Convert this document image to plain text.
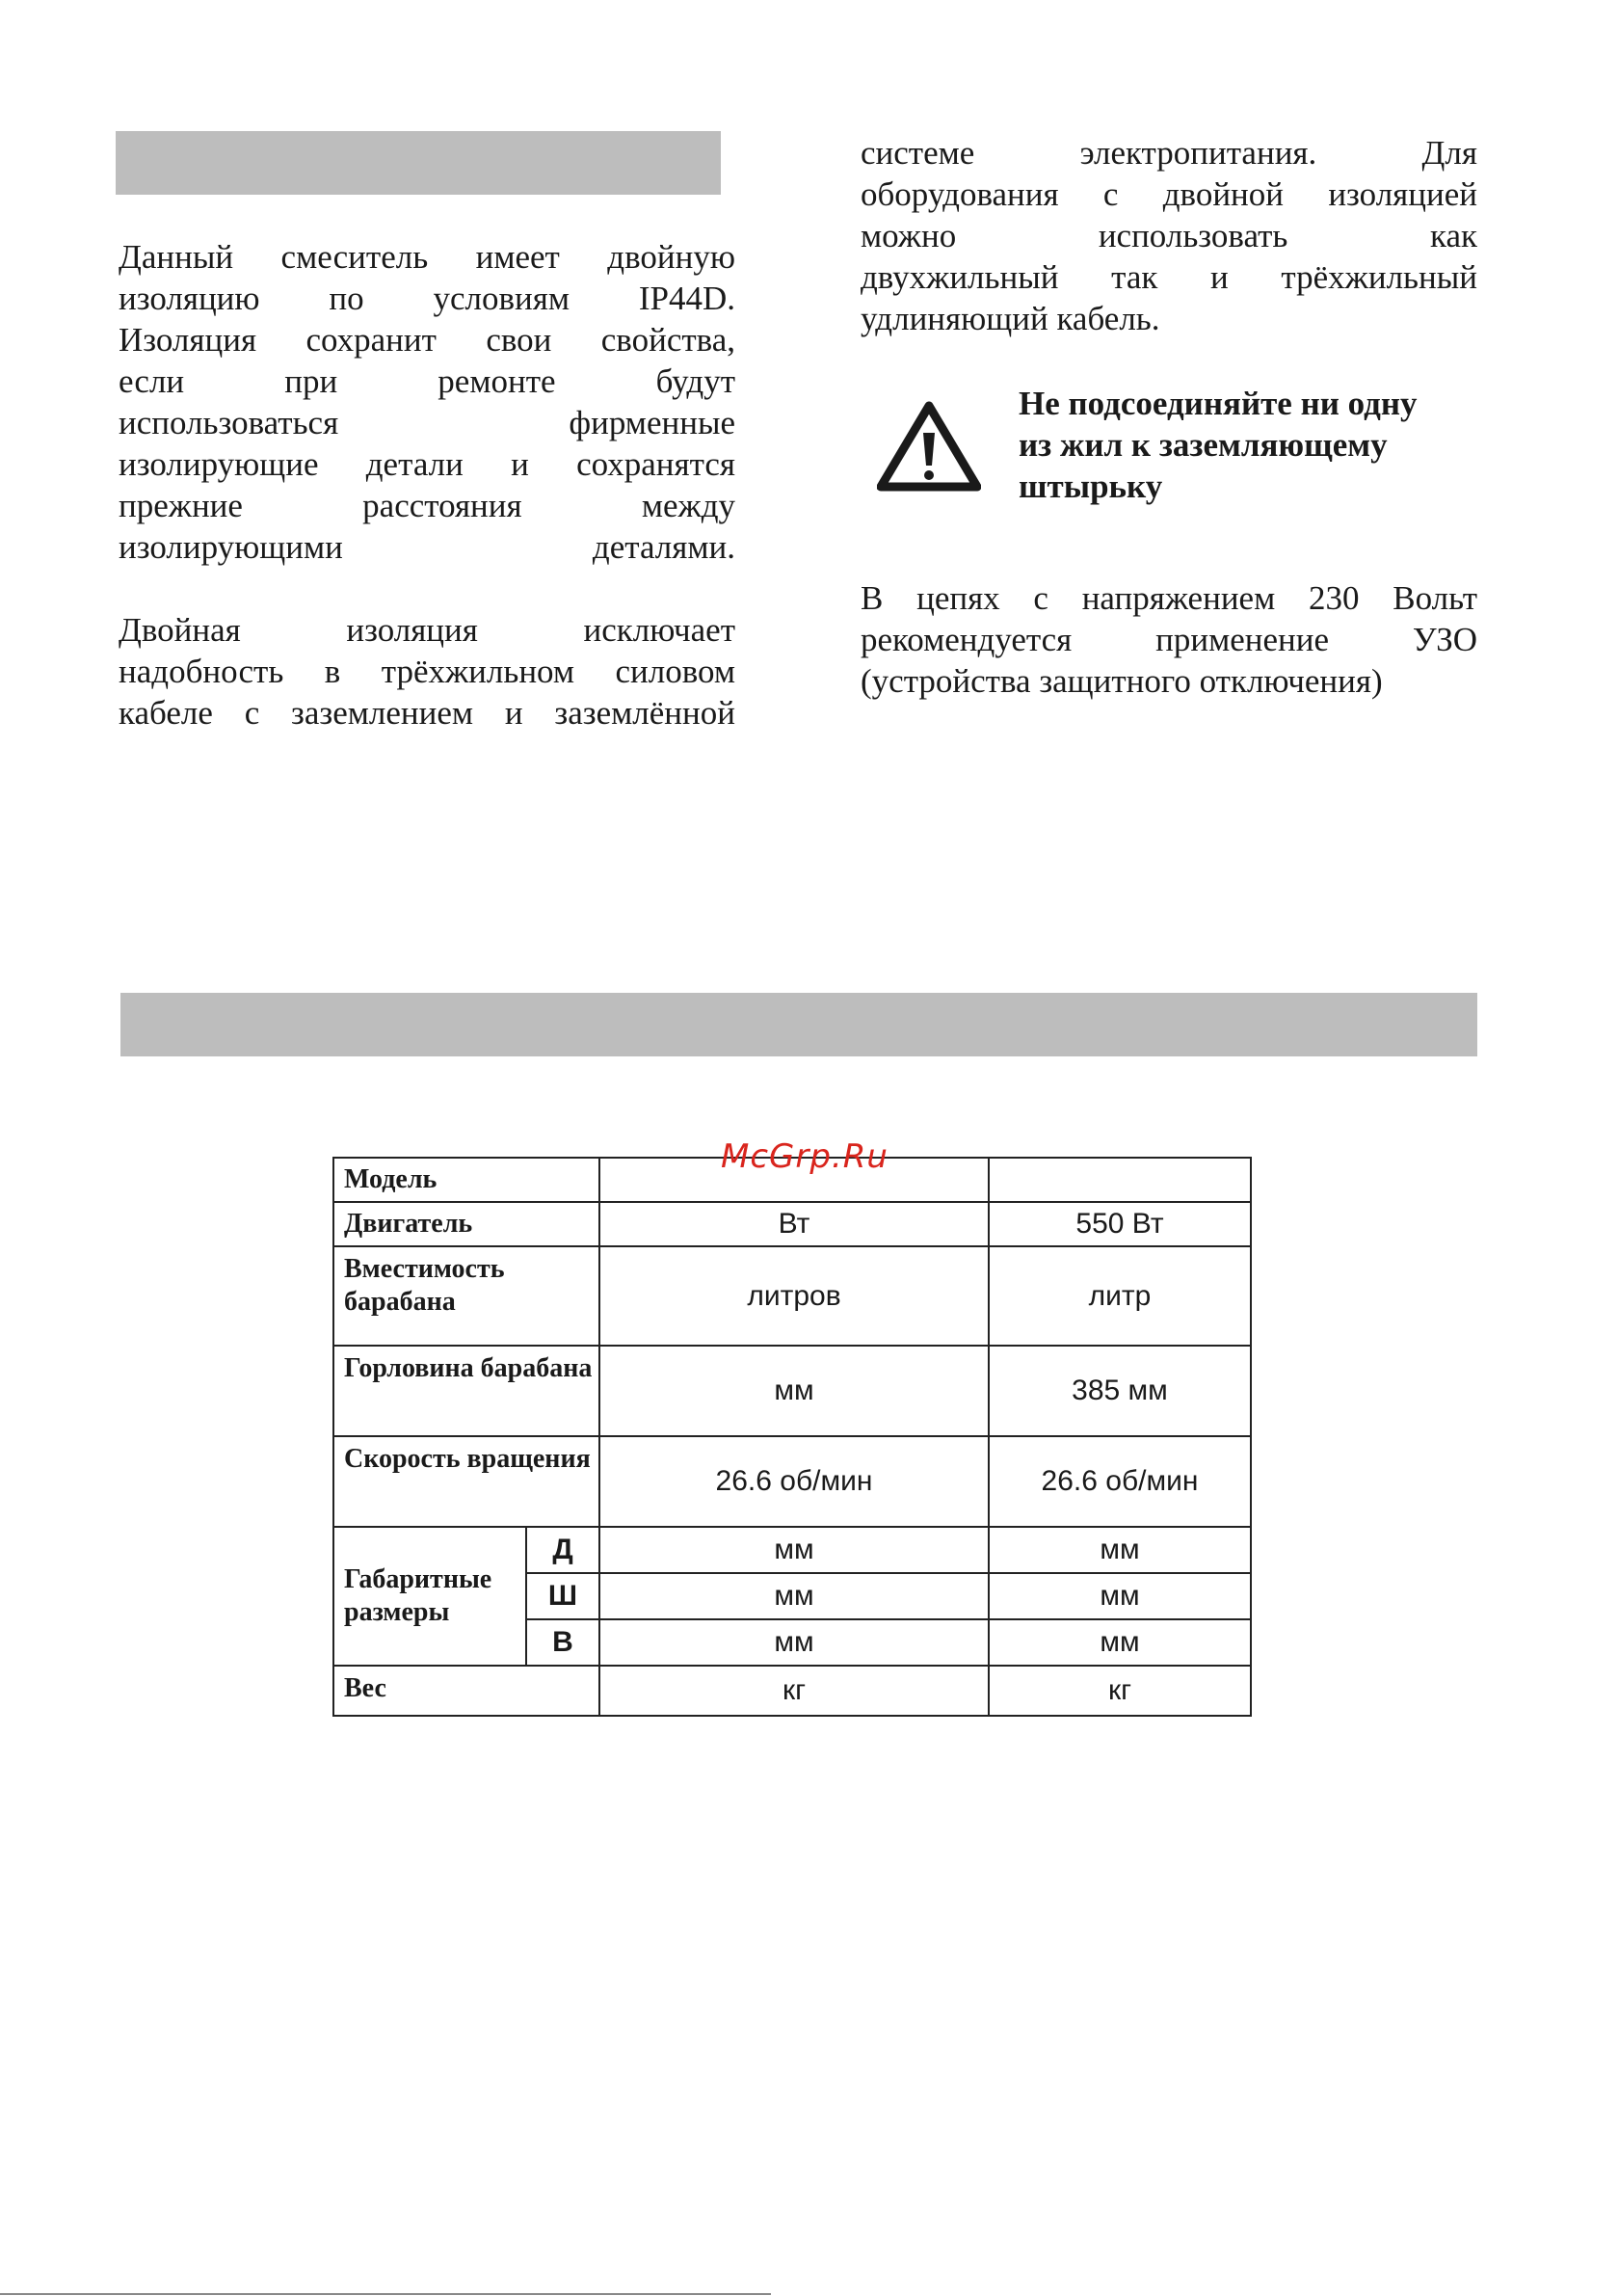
Данный смеситель имеет двойную
изоляцию по условиям IP44D.
Изоляция сохранит свои свойства,
если при ремонте будут
использоваться фирменные
изолирующие детали и сохранятся
прежние расстояния между
изолирующими деталями.
Двойная изоляция исключает
надобность в трёхжильном силовом
кабеле с заземлением и заземлённой
системе электропитания. Для
оборудования с двойной изоляцией
можно использовать как
двухжильный так и трёхжильный
удлиняющий кабель.
Не подсоединяйте ни одну
из жил к заземляющему
штырьку
В цепях с напряжением 230 Вольт
рекомендуется применение УЗО
(устройства защитного отключения)
Модель			
Двигатель		Вт	550 Вт
Вместимость барабана		литров	литр
Горловина барабана		мм	385 мм
Скорость вращения		26.6 об/мин	26.6 об/мин
Габаритные размеры	Д	мм	мм
	Ш	мм	мм
	В	мм	мм
Вес		кг	кг
McGrp.Ru
